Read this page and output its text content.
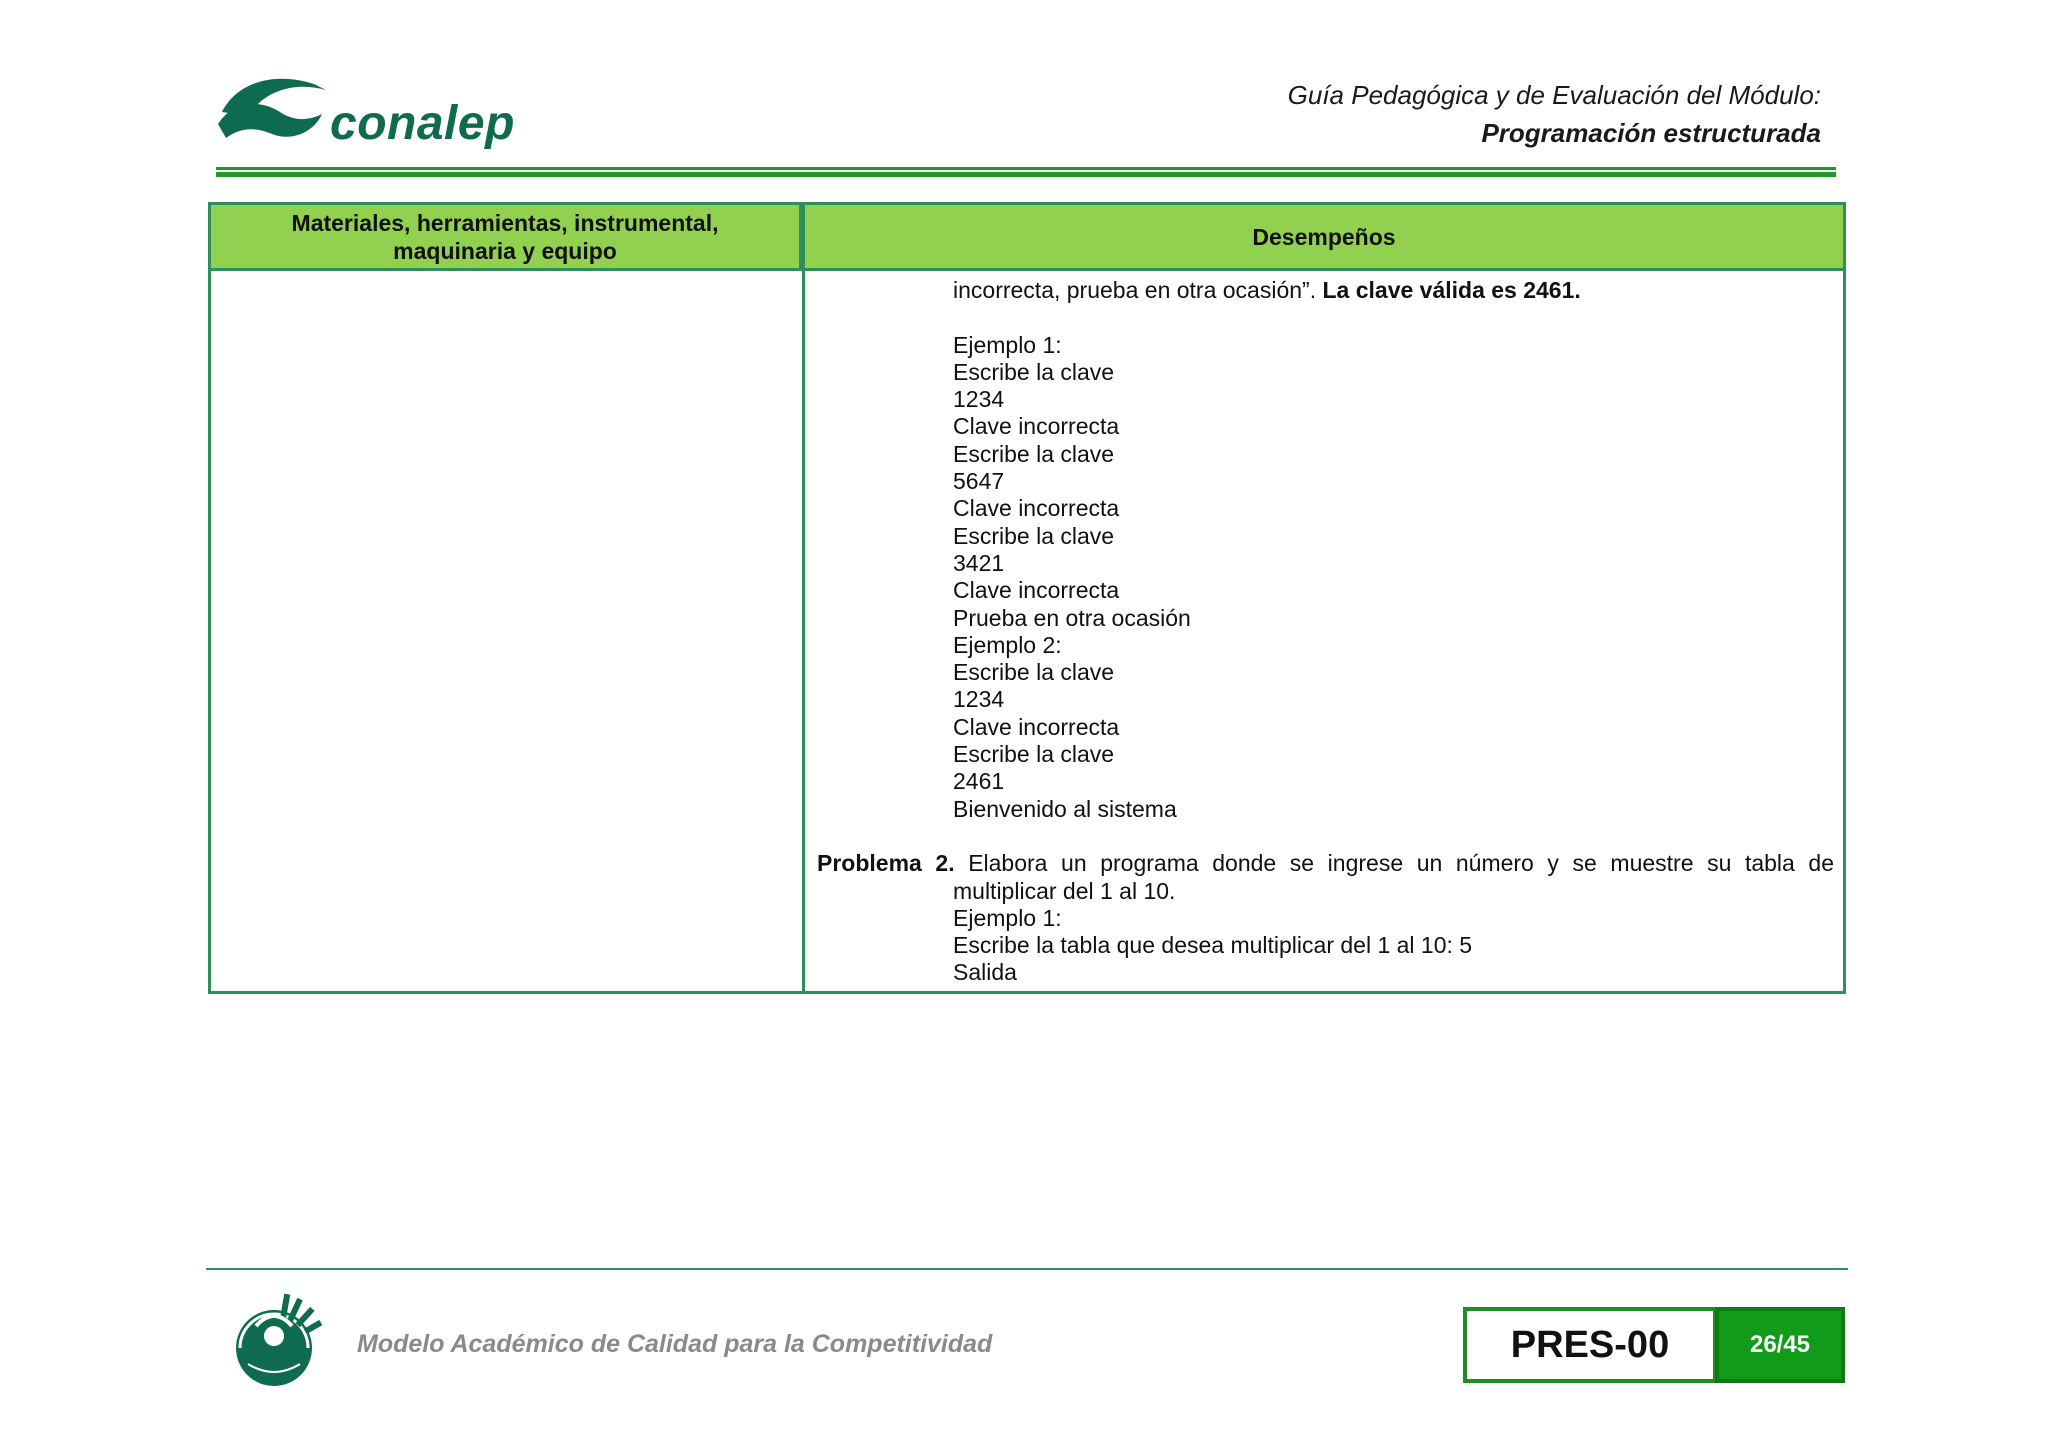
conalep
Guía Pedagógica y de Evaluación del Módulo:
Programación estructurada
Materiales, herramientas, instrumental,
maquinaria y equipo
Desempeños
incorrecta, prueba en otra ocasión”. La clave válida es 2461.
Ejemplo 1:
Escribe la clave
1234
Clave incorrecta
Escribe la clave
5647
Clave incorrecta
Escribe la clave
3421
Clave incorrecta
Prueba en otra ocasión
Ejemplo 2:
Escribe la clave
1234
Clave incorrecta
Escribe la clave
2461
Bienvenido al sistema
Problema 2. Elabora un programa donde se ingrese un número y se muestre su tabla de
multiplicar del 1 al 10.
Ejemplo 1:
Escribe la tabla que desea multiplicar del 1 al 10: 5
Salida
Modelo Académico de Calidad para la Competitividad	PRES-00	26/45
